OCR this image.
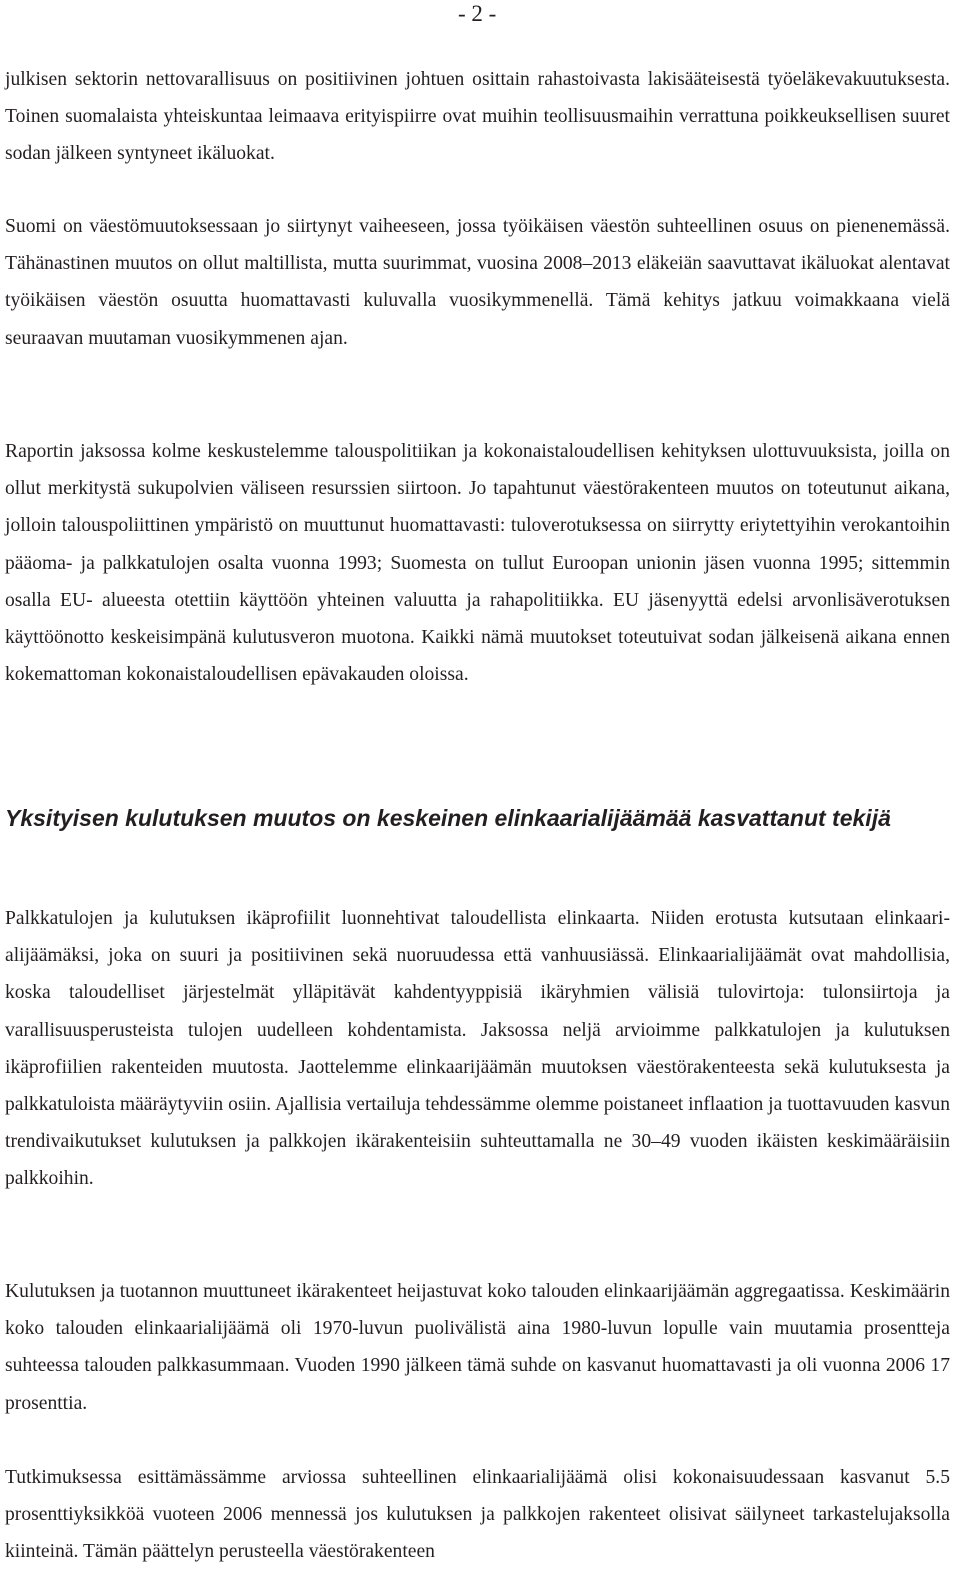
- 2 -

julkisen sektorin nettovarallisuus on positiivinen johtuen osittain rahastoivasta lakisääteisestä työeläkevakuutuksesta. Toinen suomalaista yhteiskuntaa leimaava erityispiirre ovat muihin teollisuusmaihin verrattuna poikkeuksellisen suuret sodan jälkeen syntyneet ikäluokat.

Suomi on väestömuutoksessaan jo siirtynyt vaiheeseen, jossa työikäisen väestön suhteellinen osuus on pienenemässä. Tähänastinen muutos on ollut maltillista, mutta suurimmat, vuosina 2008–2013 eläkeiän saavuttavat ikäluokat alentavat työikäisen väestön osuutta huomattavasti kuluvalla vuosikymmenellä. Tämä kehitys jatkuu voimakkaana vielä seuraavan muutaman vuosikymmenen ajan.

Raportin jaksossa kolme keskustelemme talouspolitiikan ja kokonaistaloudellisen kehityksen ulottuvuuksista, joilla on ollut merkitystä sukupolvien väliseen resurssien siirtoon. Jo tapahtunut väestörakenteen muutos on toteutunut aikana, jolloin talouspoliittinen ympäristö on muuttunut huomattavasti: tuloverotuksessa on siirrytty eriytettyihin verokantoihin pääoma- ja palkkatulojen osalta vuonna 1993; Suomesta on tullut Euroopan unionin jäsen vuonna 1995; sittemmin osalla EU- alueesta otettiin käyttöön yhteinen valuutta ja rahapolitiikka. EU jäsenyyttä edelsi arvonlisäverotuksen käyttöönotto keskeisimpänä kulutusveron muotona. Kaikki nämä muutokset toteutuivat sodan jälkeisenä aikana ennen kokemattoman kokonaistaloudellisen epävakauden oloissa.

Yksityisen kulutuksen muutos on keskeinen elinkaarialijäämää kasvattanut tekijä

Palkkatulojen ja kulutuksen ikäprofiilit luonnehtivat taloudellista elinkaarta. Niiden erotusta kutsutaan elinkaari-alijäämäksi, joka on suuri ja positiivinen sekä nuoruudessa että vanhuusiässä. Elinkaarialijäämät ovat mahdollisia, koska taloudelliset järjestelmät ylläpitävät kahdentyyppisiä ikäryhmien välisiä tulovirtoja: tulonsiirtoja ja varallisuusperusteista tulojen uudelleen kohdentamista. Jaksossa neljä arvioimme palkkatulojen ja kulutuksen ikäprofiilien rakenteiden muutosta. Jaottelemme elinkaarijäämän muutoksen väestörakenteesta sekä kulutuksesta ja palkkatuloista määräytyviin osiin. Ajallisia vertailuja tehdessämme olemme poistaneet inflaation ja tuottavuuden kasvun trendivaikutukset kulutuksen ja palkkojen ikärakenteisiin suhteuttamalla ne 30–49 vuoden ikäisten keskimääräisiin palkkoihin.

Kulutuksen ja tuotannon muuttuneet ikärakenteet heijastuvat koko talouden elinkaarijäämän aggregaatissa. Keskimäärin koko talouden elinkaarialijäämä oli 1970-luvun puolivälistä aina 1980-luvun lopulle vain muutamia prosentteja suhteessa talouden palkkasummaan. Vuoden 1990 jälkeen tämä suhde on kasvanut huomattavasti ja oli vuonna 2006 17 prosenttia.

Tutkimuksessa esittämässämme arviossa suhteellinen elinkaarialijäämä olisi kokonaisuudessaan kasvanut 5.5 prosenttiyksikköä vuoteen 2006 mennessä jos kulutuksen ja palkkojen rakenteet olisivat säilyneet tarkastelujaksolla kiinteinä. Tämän päättelyn perusteella väestörakenteen
